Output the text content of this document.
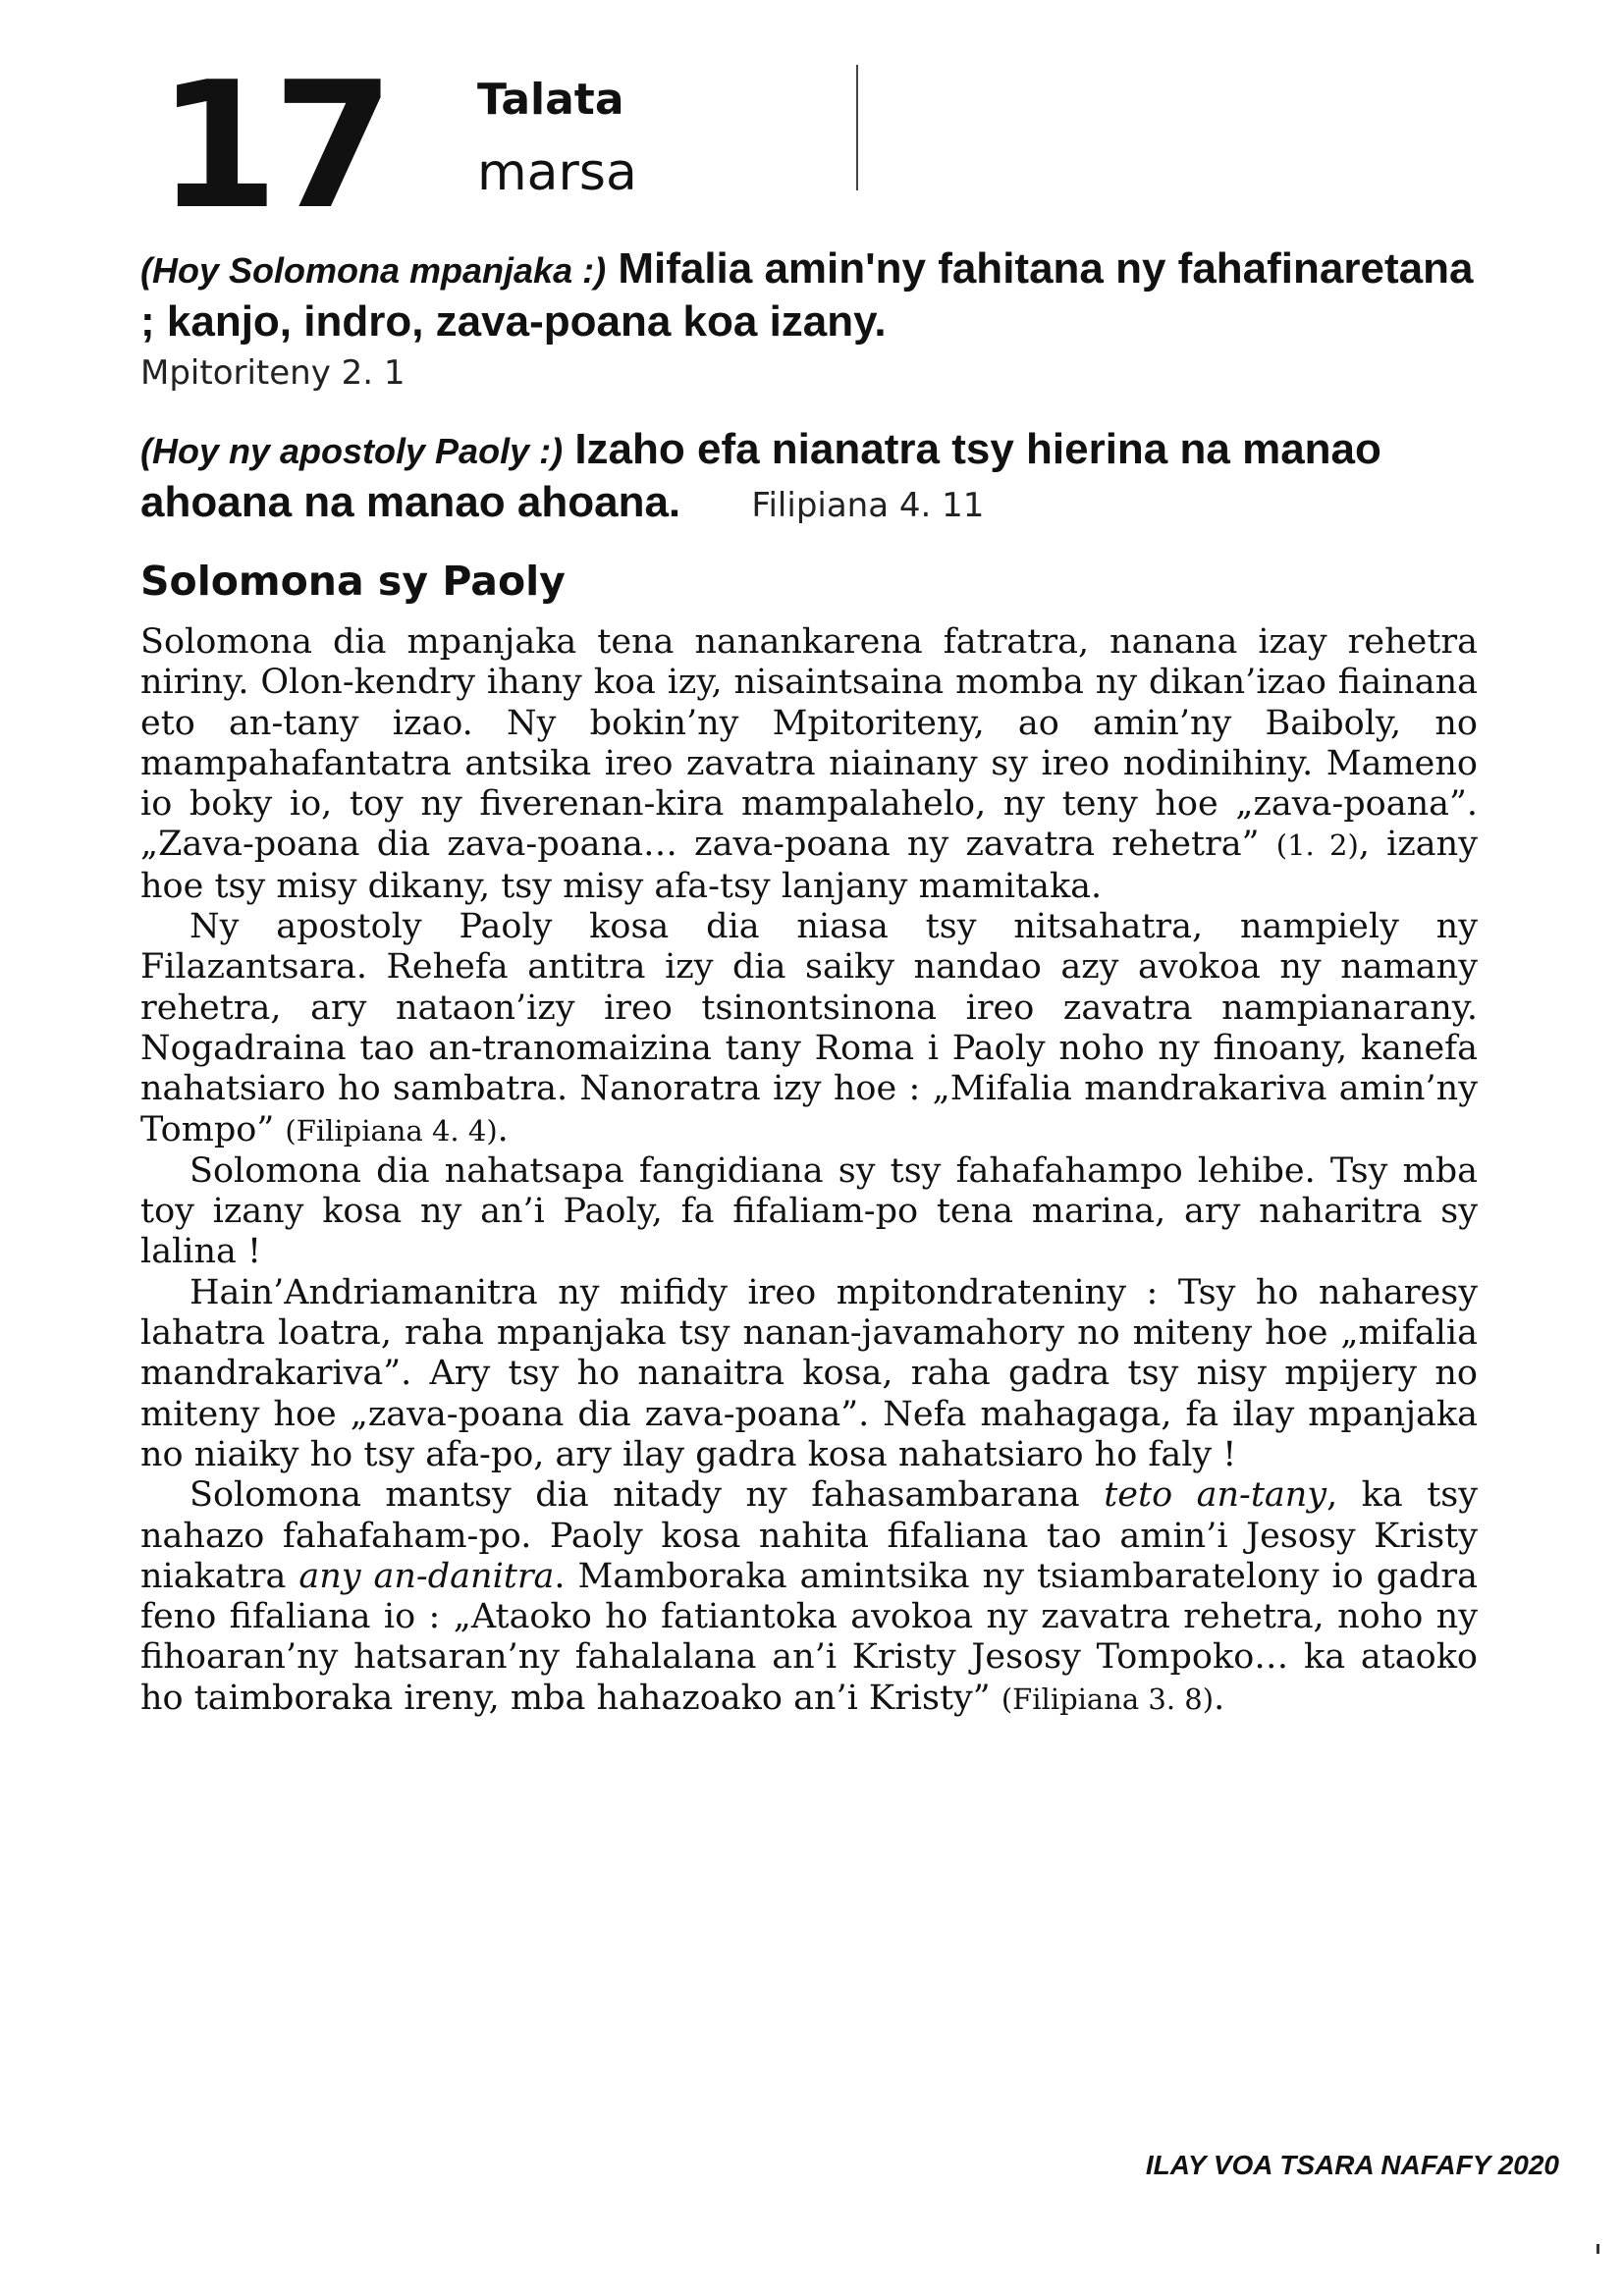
17 Talata
marsa
(Hoy Solomona mpanjaka :) Mifalia amin'ny fahitana ny fahafinaretana ; kanjo, indro, zava-poana koa izany.
Mpitoriteny 2. 1
(Hoy ny apostoly Paoly :) Izaho efa nianatra tsy hierina na manao ahoana na manao ahoana. Filipiana 4. 11
Solomona sy Paoly

Solomona dia mpanjaka tena nanankarena fatratra, nanana izay rehetra niriny. Olon-kendry ihany koa izy, nisaintsaina momba ny dikan’izao fiainana eto an-tany izao. Ny bokin’ny Mpitoriteny, ao amin’ny Baiboly, no mampahafantatra antsika ireo zavatra niainany sy ireo nodinihiny. Mameno io boky io, toy ny fiverenan-kira mampalahelo, ny teny hoe „zava-poana”. „Zava-poana dia zava-poana… zava-poana ny zavatra rehetra” (1. 2), izany hoe tsy misy dikany, tsy misy afa-tsy lanjany mamitaka.

Ny apostoly Paoly kosa dia niasa tsy nitsahatra, nampiely ny Filazantsara. Rehefa antitra izy dia saiky nandao azy avokoa ny namany rehetra, ary nataon’izy ireo tsinontsinona ireo zavatra nampianarany. Nogadraina tao an-tranomaizina tany Roma i Paoly noho ny finoany, kanefa nahatsiaro ho sambatra. Nanoratra izy hoe : „Mifalia mandrakariva amin’ny Tompo” (Filipiana 4. 4).

Solomona dia nahatsapa fangidiana sy tsy fahafahampo lehibe. Tsy mba toy izany kosa ny an’i Paoly, fa fifaliam-po tena marina, ary naharitra sy lalina !

Hain’Andriamanitra ny mifidy ireo mpitondrateniny : Tsy ho naharesy lahatra loatra, raha mpanjaka tsy nanan-javamahory no miteny hoe „mifalia mandrakariva”. Ary tsy ho nanaitra kosa, raha gadra tsy nisy mpijery no miteny hoe „zava-poana dia zava-poana”. Nefa mahagaga, fa ilay mpanjaka no niaiky ho tsy afa-po, ary ilay gadra kosa nahatsiaro ho faly !

Solomona mantsy dia nitady ny fahasambarana teto an-tany, ka tsy nahazo fahafaham-po. Paoly kosa nahita fifaliana tao amin’i Jesosy Kristy niakatra any an-danitra. Mamboraka amintsika ny tsiambaratelony io gadra feno fifaliana io : „Ataoko ho fatiantoka avokoa ny zavatra rehetra, noho ny fihoaran’ny hatsaran’ny fahalalana an’i Kristy Jesosy Tompoko… ka ataoko ho taimboraka ireny, mba hahazoako an’i Kristy” (Filipiana 3. 8).

ILAY VOA TSARA NAFAFY 2020
